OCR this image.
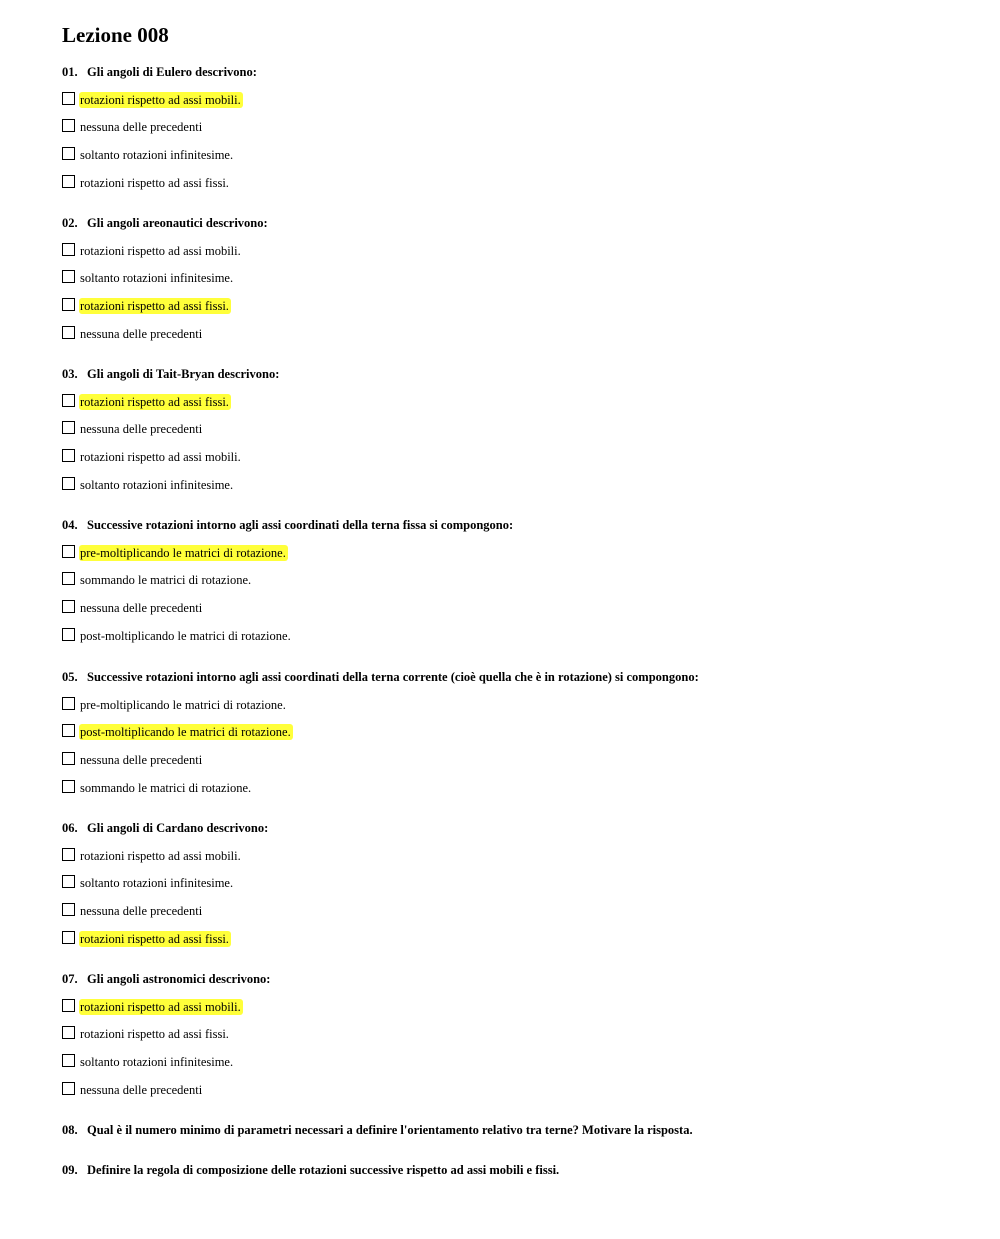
Lezione 008
01. Gli angoli di Eulero descrivono:
rotazioni rispetto ad assi mobili.
nessuna delle precedenti
soltanto rotazioni infinitesime.
rotazioni rispetto ad assi fissi.
02. Gli angoli areonautici descrivono:
rotazioni rispetto ad assi mobili.
soltanto rotazioni infinitesime.
rotazioni rispetto ad assi fissi.
nessuna delle precedenti
03. Gli angoli di Tait-Bryan descrivono:
rotazioni rispetto ad assi fissi.
nessuna delle precedenti
rotazioni rispetto ad assi mobili.
soltanto rotazioni infinitesime.
04. Successive rotazioni intorno agli assi coordinati della terna fissa si compongono:
pre-moltiplicando le matrici di rotazione.
sommando le matrici di rotazione.
nessuna delle precedenti
post-moltiplicando le matrici di rotazione.
05. Successive rotazioni intorno agli assi coordinati della terna corrente (cioè quella che è in rotazione) si compongono:
pre-moltiplicando le matrici di rotazione.
post-moltiplicando le matrici di rotazione.
nessuna delle precedenti
sommando le matrici di rotazione.
06. Gli angoli di Cardano descrivono:
rotazioni rispetto ad assi mobili.
soltanto rotazioni infinitesime.
nessuna delle precedenti
rotazioni rispetto ad assi fissi.
07. Gli angoli astronomici descrivono:
rotazioni rispetto ad assi mobili.
rotazioni rispetto ad assi fissi.
soltanto rotazioni infinitesime.
nessuna delle precedenti
08. Qual è il numero minimo di parametri necessari a definire l'orientamento relativo tra terne? Motivare la risposta.
09. Definire la regola di composizione delle rotazioni successive rispetto ad assi mobili e fissi.
